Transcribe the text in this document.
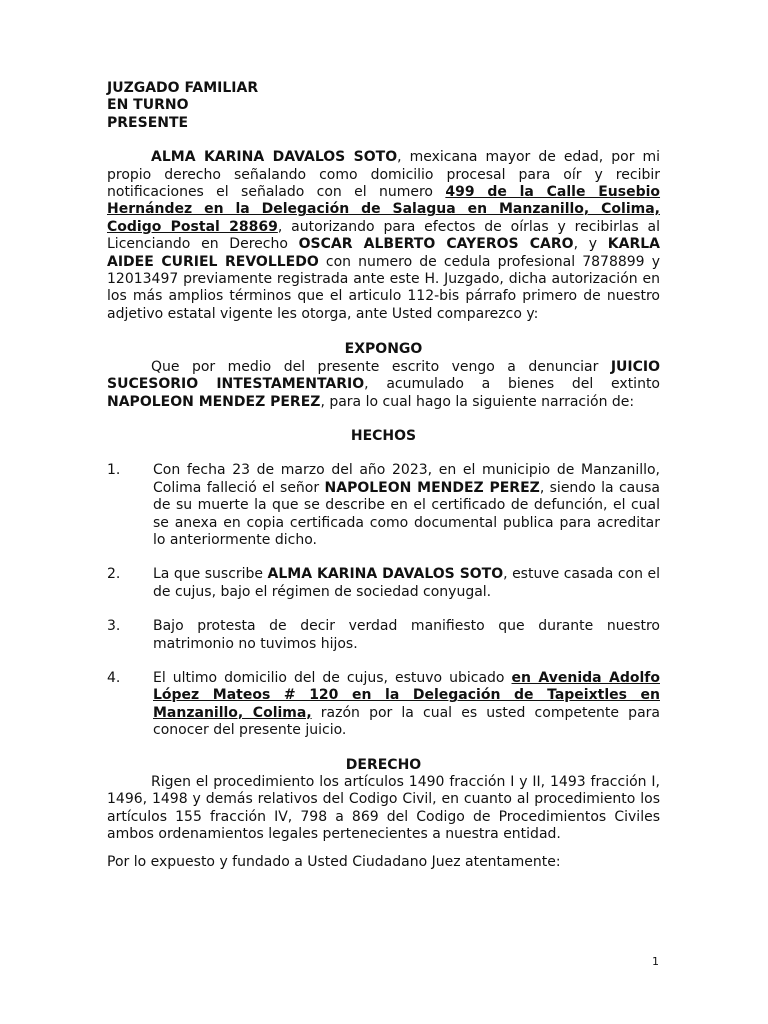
JUZGADO FAMILIAR

EN TURNO

PRESENTE

ALMA KARINA DAVALOS SOTO, mexicana mayor de edad, por mi propio derecho señalando como domicilio procesal para oír y recibir notificaciones el señalado con el numero 499 de la Calle Eusebio Hernández en la Delegación de Salagua en Manzanillo, Colima, Codigo Postal 28869, autorizando para efectos de oírlas y recibirlas al Licenciando en Derecho OSCAR ALBERTO CAYEROS CARO, y KARLA AIDEE CURIEL REVOLLEDO con numero de cedula profesional 7878899 y 12013497 previamente registrada ante este H. Juzgado, dicha autorización en los más amplios términos que el articulo 112-bis párrafo primero de nuestro adjetivo estatal vigente les otorga, ante Usted comparezco y:

EXPONGO

Que por medio del presente escrito vengo a denunciar JUICIO SUCESORIO INTESTAMENTARIO, acumulado a bienes del extinto NAPOLEON MENDEZ PEREZ, para lo cual hago la siguiente narración de:

HECHOS

1. Con fecha 23 de marzo del año 2023, en el municipio de Manzanillo, Colima falleció el señor NAPOLEON MENDEZ PEREZ, siendo la causa de su muerte la que se describe en el certificado de defunción, el cual se anexa en copia certificada como documental publica para acreditar lo anteriormente dicho.
2. La que suscribe ALMA KARINA DAVALOS SOTO, estuve casada con el de cujus, bajo el régimen de sociedad conyugal.
3. Bajo protesta de decir verdad manifiesto que durante nuestro matrimonio no tuvimos hijos.
4. El ultimo domicilio del de cujus, estuvo ubicado en Avenida Adolfo López Mateos # 120 en la Delegación de Tapeixtles en Manzanillo, Colima, razón por la cual es usted competente para conocer del presente juicio.

DERECHO

Rigen el procedimiento los artículos 1490 fracción I y II, 1493 fracción I, 1496, 1498 y demás relativos del Codigo Civil, en cuanto al procedimiento los artículos 155 fracción IV, 798 a 869 del Codigo de Procedimientos Civiles ambos ordenamientos legales pertenecientes a nuestra entidad.

Por lo expuesto y fundado a Usted Ciudadano Juez atentamente:

1
